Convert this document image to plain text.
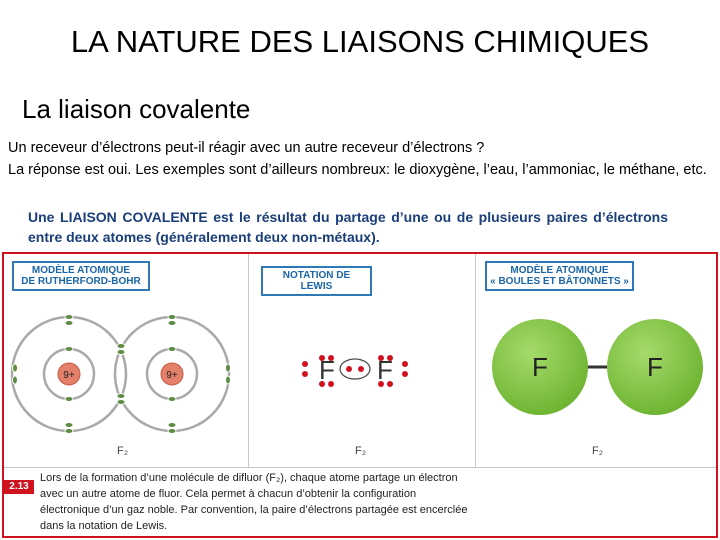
LA NATURE DES LIAISONS CHIMIQUES
La liaison covalente
Un receveur d’électrons peut-il réagir avec un autre receveur d’électrons ?
La réponse est oui. Les exemples sont d’ailleurs nombreux: le dioxygène, l’eau, l’ammoniac, le méthane, etc.
Une LIAISON COVALENTE est le résultat du partage d’une ou de plusieurs paires d’électrons entre deux atomes (généralement deux non-métaux).
MODÈLE ATOMIQUE
DE RUTHERFORD-BOHR
9+	9+
F₂
NOTATION DE LEWIS
F F
F₂
MODÈLE ATOMIQUE
« BOULES ET BÂTONNETS »
F	F
F₂
2.13
Lors de la formation d’une molécule de difluor (F₂), chaque atome partage un électron avec un autre atome de fluor. Cela permet à chacun d’obtenir la configuration électronique d’un gaz noble. Par convention, la paire d’électrons partagée est encerclée dans la notation de Lewis.
